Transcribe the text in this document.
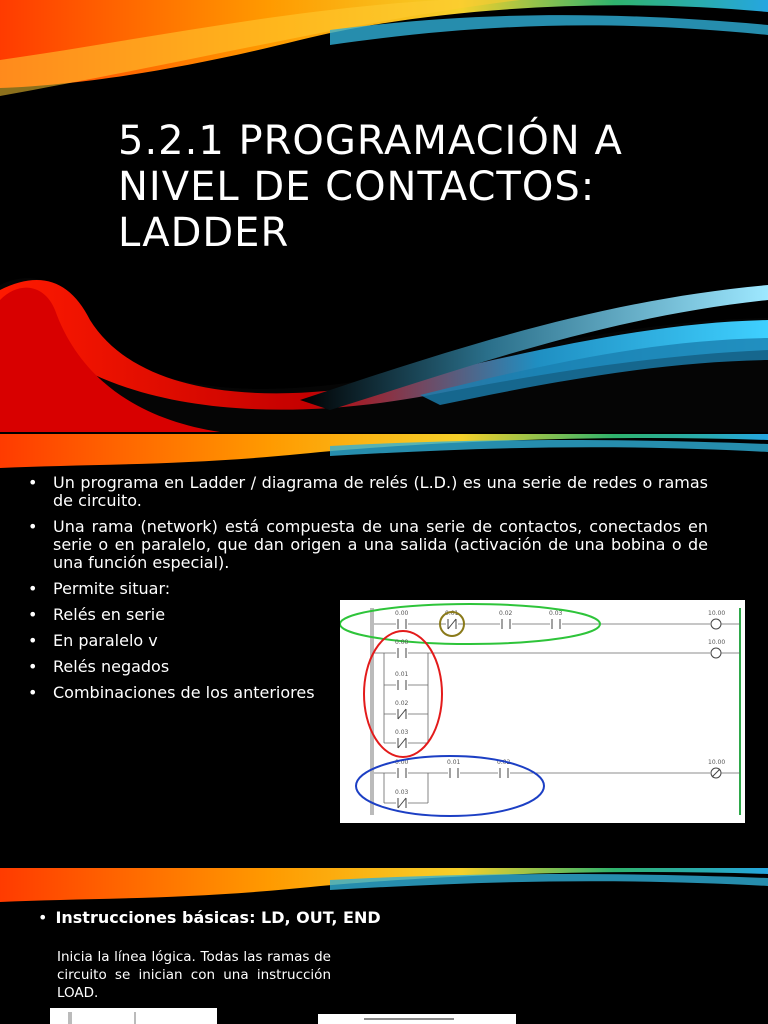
5.2.1 PROGRAMACIÓN A
NIVEL DE CONTACTOS:
LADDER
• Un programa en Ladder / diagrama de relés (L.D.) es una serie de redes o ramas de circuito.
• Una rama (network) está compuesta de una serie de contactos, conectados en serie o en paralelo, que dan origen a una salida (activación de una bobina o de una función especial).
• Permite situar:
• Relés en serie
• En paralelo v
• Relés negados
• Combinaciones de los anteriores
0.00	0.01	0.02	0.03	10.00
0.00
0.01
0.02
0.03
10.00
0.00	0.01	0.02
0.03
10.00
• Instrucciones básicas: LD, OUT, END
Inicia la línea lógica. Todas las ramas de circuito se inician con una instrucción LOAD.
